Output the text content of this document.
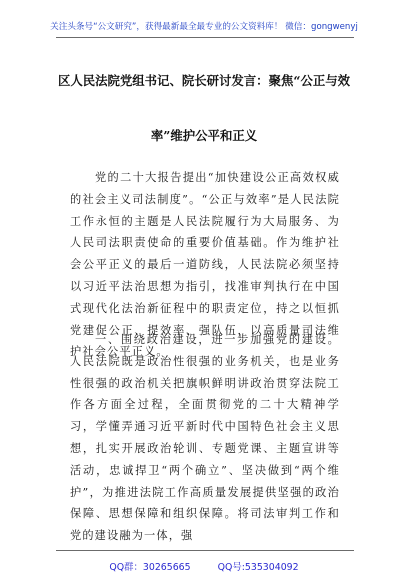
关注头条号“公文研究”，获得最新最全最专业的公文资料库！ 微信：gongwenyj
区人民法院党组书记、院长研讨发言：聚焦“公正与效
率”维护公平和正义

党的二十大报告提出“加快建设公正高效权威的社会主义司法制度”。“公正与效率”是人民法院工作永恒的主题是人民法院履行为大局服务、为人民司法职责使命的重要价值基础。作为维护社会公平正义的最后一道防线，人民法院必须坚持以习近平法治思想为指引，找准审判执行在中国式现代化法治新征程中的职责定位，持之以恒抓党建促公正、提效率、强队伍，以高质量司法维护社会公平正义。

一、围绕政治建设，进一步加强党的建设。人民法院既是政治性很强的业务机关，也是业务性很强的政治机关把旗帜鲜明讲政治贯穿法院工作各方面全过程，全面贯彻党的二十大精神学习，学懂弄通习近平新时代中国特色社会主义思想，扎实开展政治轮训、专题党课、主题宣讲等活动，忠诚捍卫“两个确立”、坚决做到“两个维护”，为推进法院工作高质量发展提供坚强的政治保障、思想保障和组织保障。将司法审判工作和党的建设融为一体，强

QQ群：30265665	QQ号:535304092
